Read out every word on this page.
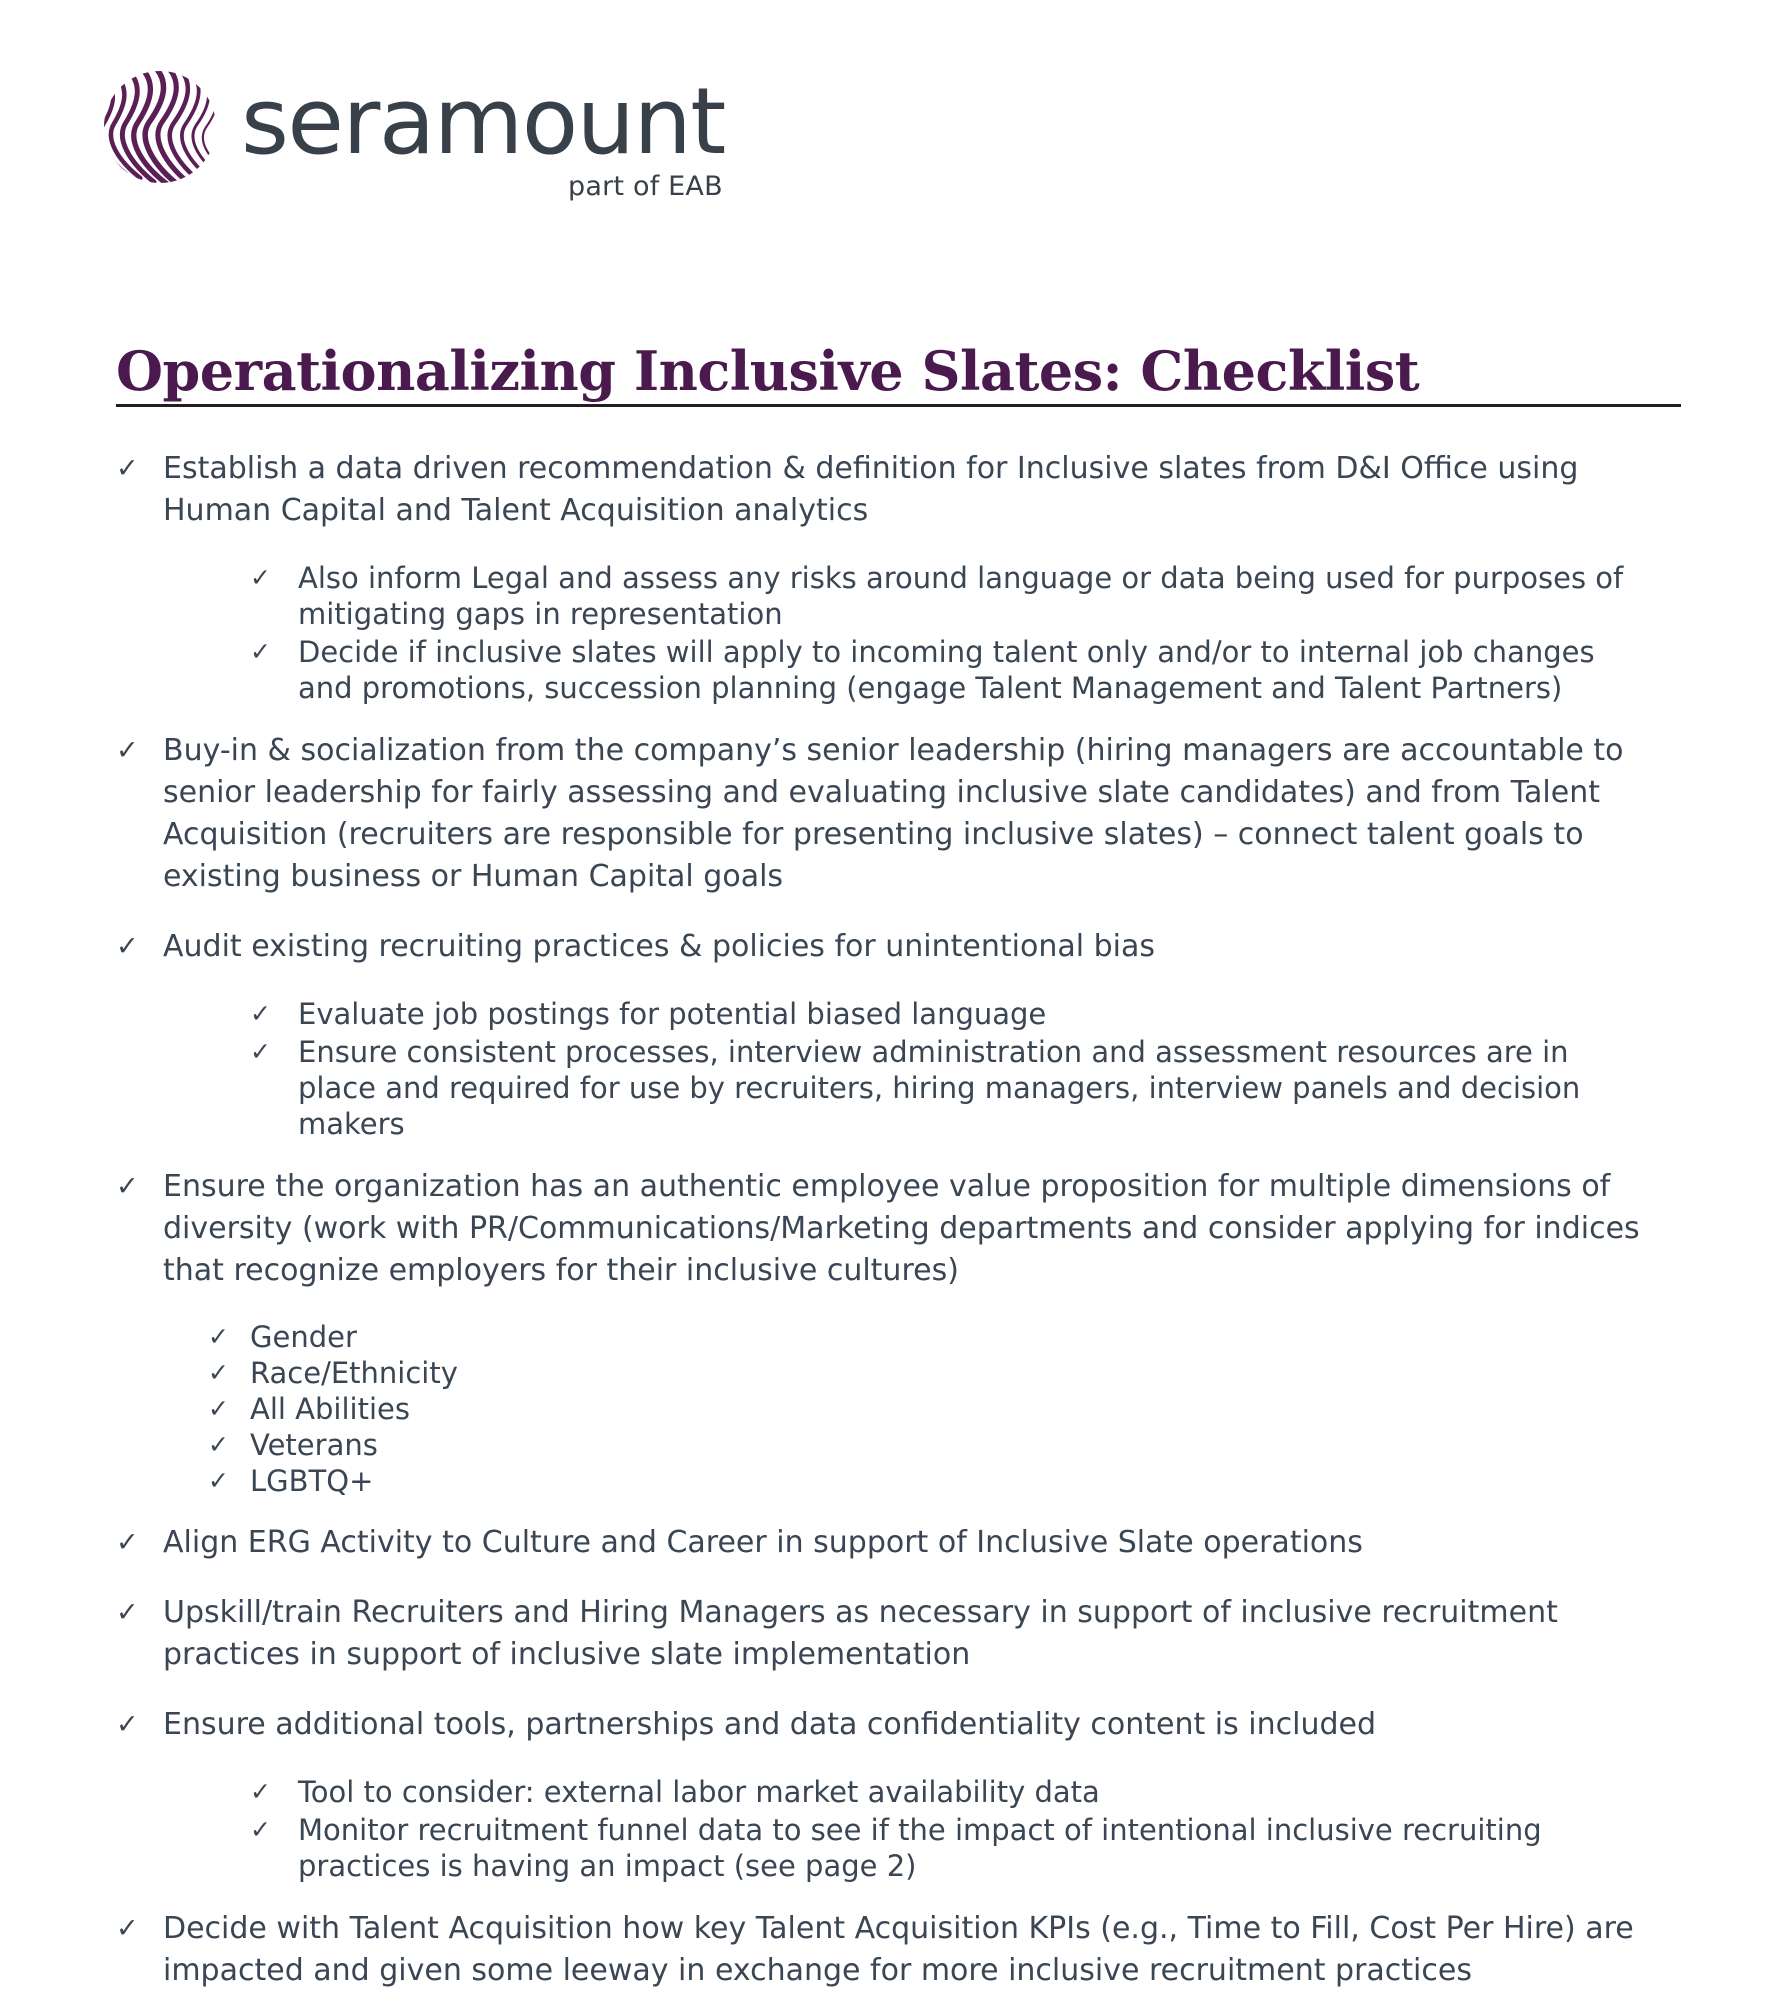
seramount
part of EAB
Operationalizing Inclusive Slates: Checklist
✓ Establish a data driven recommendation & definition for Inclusive slates from D&I Office using Human Capital and Talent Acquisition analytics
✓ Also inform Legal and assess any risks around language or data being used for purposes of mitigating gaps in representation
✓ Decide if inclusive slates will apply to incoming talent only and/or to internal job changes and promotions, succession planning (engage Talent Management and Talent Partners)
✓ Buy-in & socialization from the company’s senior leadership (hiring managers are accountable to senior leadership for fairly assessing and evaluating inclusive slate candidates) and from Talent Acquisition (recruiters are responsible for presenting inclusive slates) – connect talent goals to existing business or Human Capital goals
✓ Audit existing recruiting practices & policies for unintentional bias
✓ Evaluate job postings for potential biased language
✓ Ensure consistent processes, interview administration and assessment resources are in place and required for use by recruiters, hiring managers, interview panels and decision makers
✓ Ensure the organization has an authentic employee value proposition for multiple dimensions of diversity (work with PR/Communications/Marketing departments and consider applying for indices that recognize employers for their inclusive cultures)
✓ Gender
✓ Race/Ethnicity
✓ All Abilities
✓ Veterans
✓ LGBTQ+
✓ Align ERG Activity to Culture and Career in support of Inclusive Slate operations
✓ Upskill/train Recruiters and Hiring Managers as necessary in support of inclusive recruitment practices in support of inclusive slate implementation
✓ Ensure additional tools, partnerships and data confidentiality content is included
✓ Tool to consider: external labor market availability data
✓ Monitor recruitment funnel data to see if the impact of intentional inclusive recruiting practices is having an impact (see page 2)
✓ Decide with Talent Acquisition how key Talent Acquisition KPIs (e.g., Time to Fill, Cost Per Hire) are impacted and given some leeway in exchange for more inclusive recruitment practices
